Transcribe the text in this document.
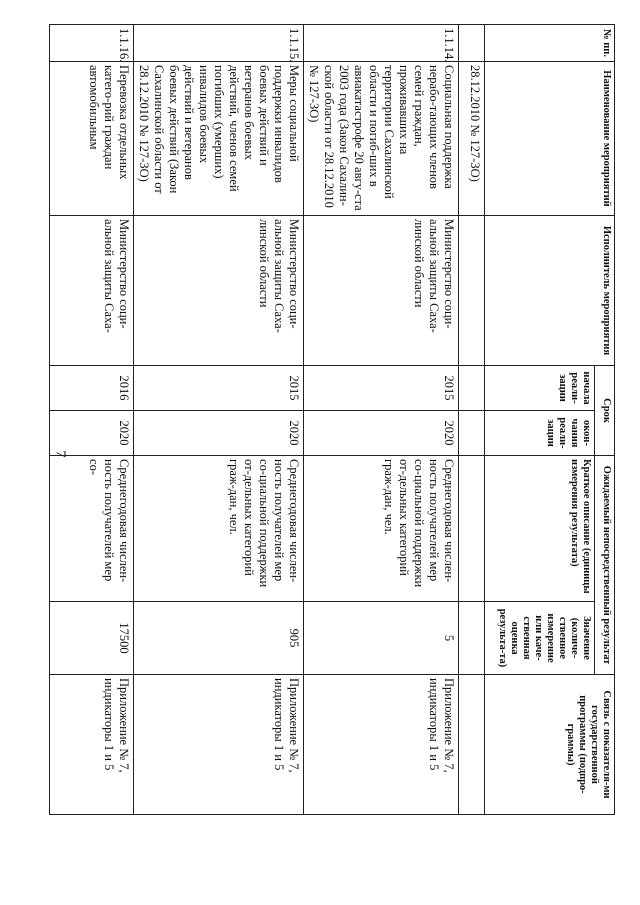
7
№ пп.	Наименование мероприятий	Исполнитель мероприятия	Срок		Ожидаемый непосредственный результат		Связь с показателя-ми государственной программы (подпро-граммы)
			начала реали-зации	окон-чания реали-зации	Краткое описание (единицы измерения результата)	Значение (количе-ственное измерение или каче-ственная оценка результа-та)	
	28.12.2010 № 127-ЗО)						
1.1.14.	Социальная поддержка нерабо-тающих членов семей граждан, проживавших на территории Сахалинской области и погиб-ших в авиакатастрофе 20 авгу-ста 2003 года (Закон Сахалин-ской области от 28.12.2010 № 127-ЗО)	Министерство соци-альной защиты Саха-линской области	2015	2020	Среднегодовая числен-ность получателей мер со-циальной поддержки от-дельных категорий граж-дан, чел.	5	Приложение № 7, индикаторы 1 и 5
1.1.15.	Меры социальной поддержки инвалидов боевых действий и ветеранов боевых действий, членов семей погибших (умерших) инвалидов боевых действий и ветеранов боевых действий (Закон Сахалинской области от 28.12.2010 № 127-ЗО)	Министерство соци-альной защиты Саха-линской области	2015	2020	Среднегодовая числен-ность получателей мер со-циальной поддержки от-дельных категорий граж-дан, чел.	905	Приложение № 7, индикаторы 1 и 5
1.1.16.	Перевозка отдельных катего-рий граждан автомобильным	Министерство соци-альной защиты Саха-	2016	2020	Среднегодовая числен-ность получателей мер со-	17500	Приложение № 7, индикаторы 1 и 5
